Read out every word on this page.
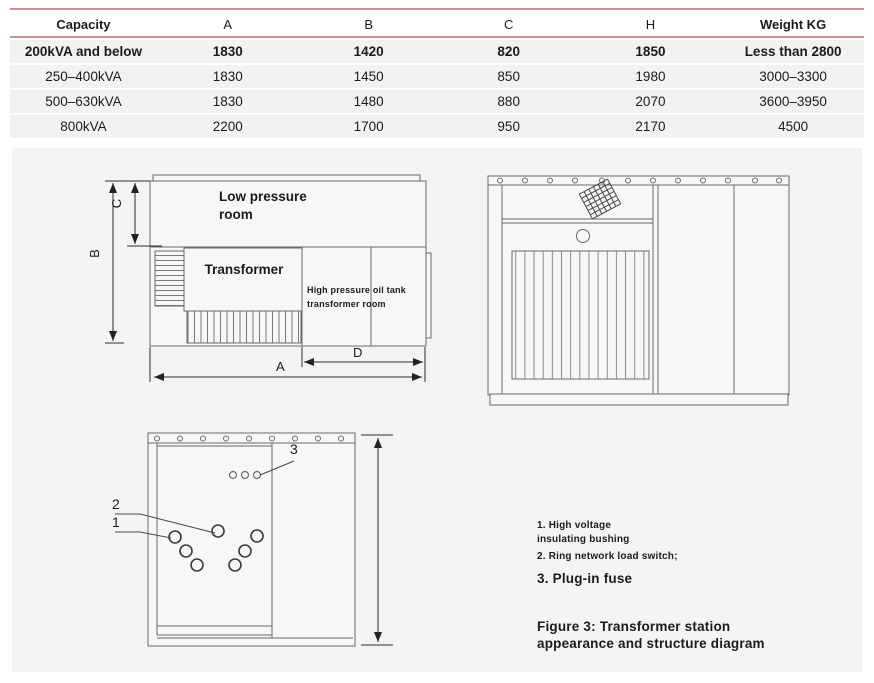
Capacity	A	B	C	H	Weight KG
200kVA and below	1830	1420	820	1850	Less than 2800
250–400kVA	1830	1450	850	1980	3000–3300
500–630kVA	1830	1480	880	2070	3600–3950
800kVA	2200	1700	950	2170	4500
Low pressure
room
Transformer
High pressure oil tank
transformer room
B
C
D
A
2
1
3
1. High voltage
insulating bushing
2. Ring network load switch;
3. Plug-in fuse
Figure 3: Transformer station
appearance and structure diagram
